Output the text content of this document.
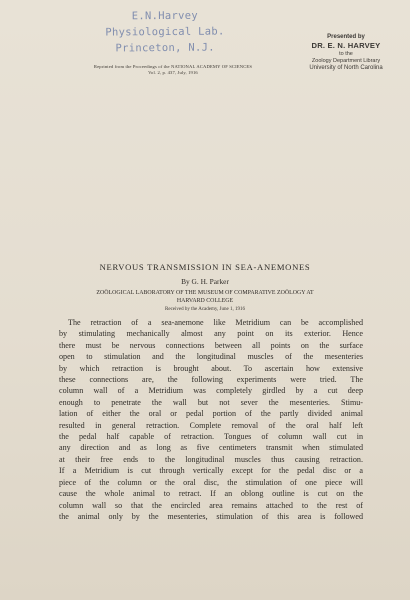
E.N.Harvey
Physiological Lab.
Princeton, N.J.
Reprinted from the Proceedings of the NATIONAL ACADEMY OF SCIENCES
Vol. 2, p. 437, July, 1916
Presented by
DR. E. N. HARVEY
to the
Zoology Department Library
University of North Carolina
NERVOUS TRANSMISSION IN SEA-ANEMONES
By G. H. Parker
ZOÖLOGICAL LABORATORY OF THE MUSEUM OF COMPARATIVE ZOÖLOGY AT
HARVARD COLLEGE
Received by the Academy, June 1, 1916
The retraction of a sea-anemone like Metridium can be accomplished
by stimulating mechanically almost any point on its exterior. Hence
there must be nervous connections between all points on the surface
open to stimulation and the longitudinal muscles of the mesenteries
by which retraction is brought about. To ascertain how extensive
these connections are, the following experiments were tried. The
column wall of a Metridium was completely girdled by a cut deep
enough to penetrate the wall but not sever the mesenteries. Stimu-
lation of either the oral or pedal portion of the partly divided animal
resulted in general retraction. Complete removal of the oral half left
the pedal half capable of retraction. Tongues of column wall cut in
any direction and as long as five centimeters transmit when stimulated
at their free ends to the longitudinal muscles thus causing retraction.
If a Metridium is cut through vertically except for the pedal disc or a
piece of the column or the oral disc, the stimulation of one piece will
cause the whole animal to retract. If an oblong outline is cut on the
column wall so that the encircled area remains attached to the rest of
the animal only by the mesenteries, stimulation of this area is followed
